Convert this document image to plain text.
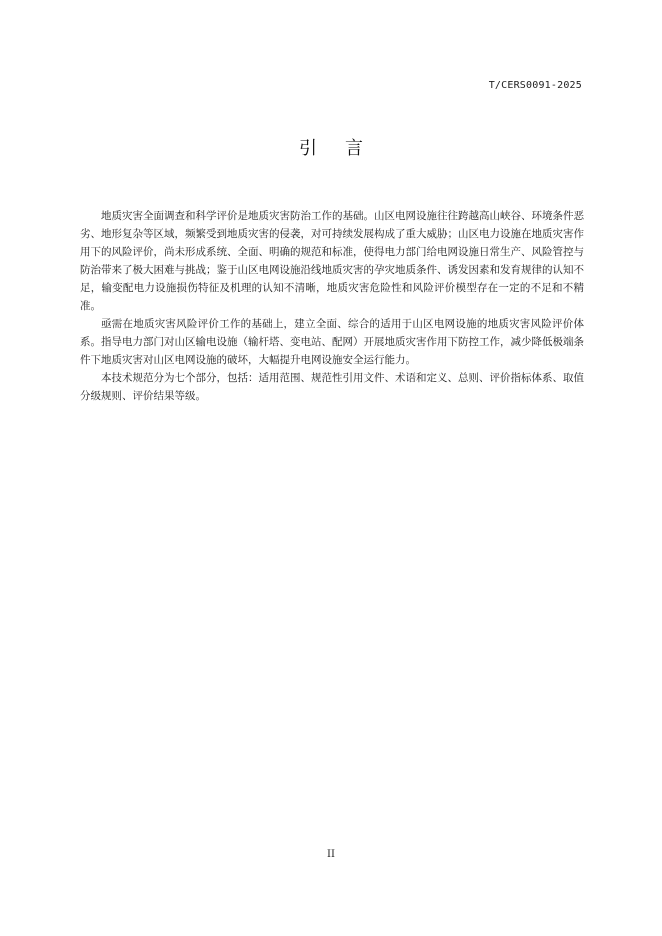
T/CERS0091-2025
引言

地质灾害全面调查和科学评价是地质灾害防治工作的基础。山区电网设施往往跨越高山峡谷、环境条件恶劣、地形复杂等区域，频繁受到地质灾害的侵袭，对可持续发展构成了重大威胁；山区电力设施在地质灾害作用下的风险评价，尚未形成系统、全面、明确的规范和标准，使得电力部门给电网设施日常生产、风险管控与防治带来了极大困难与挑战；鉴于山区电网设施沿线地质灾害的孕灾地质条件、诱发因素和发育规律的认知不足，输变配电力设施损伤特征及机理的认知不清晰，地质灾害危险性和风险评价模型存在一定的不足和不精准。

亟需在地质灾害风险评价工作的基础上，建立全面、综合的适用于山区电网设施的地质灾害风险评价体系。指导电力部门对山区输电设施（输杆塔、变电站、配网）开展地质灾害作用下防控工作，减少降低极端条件下地质灾害对山区电网设施的破坏，大幅提升电网设施安全运行能力。

本技术规范分为七个部分，包括：适用范围、规范性引用文件、术语和定义、总则、评价指标体系、取值分级规则、评价结果等级。

II
